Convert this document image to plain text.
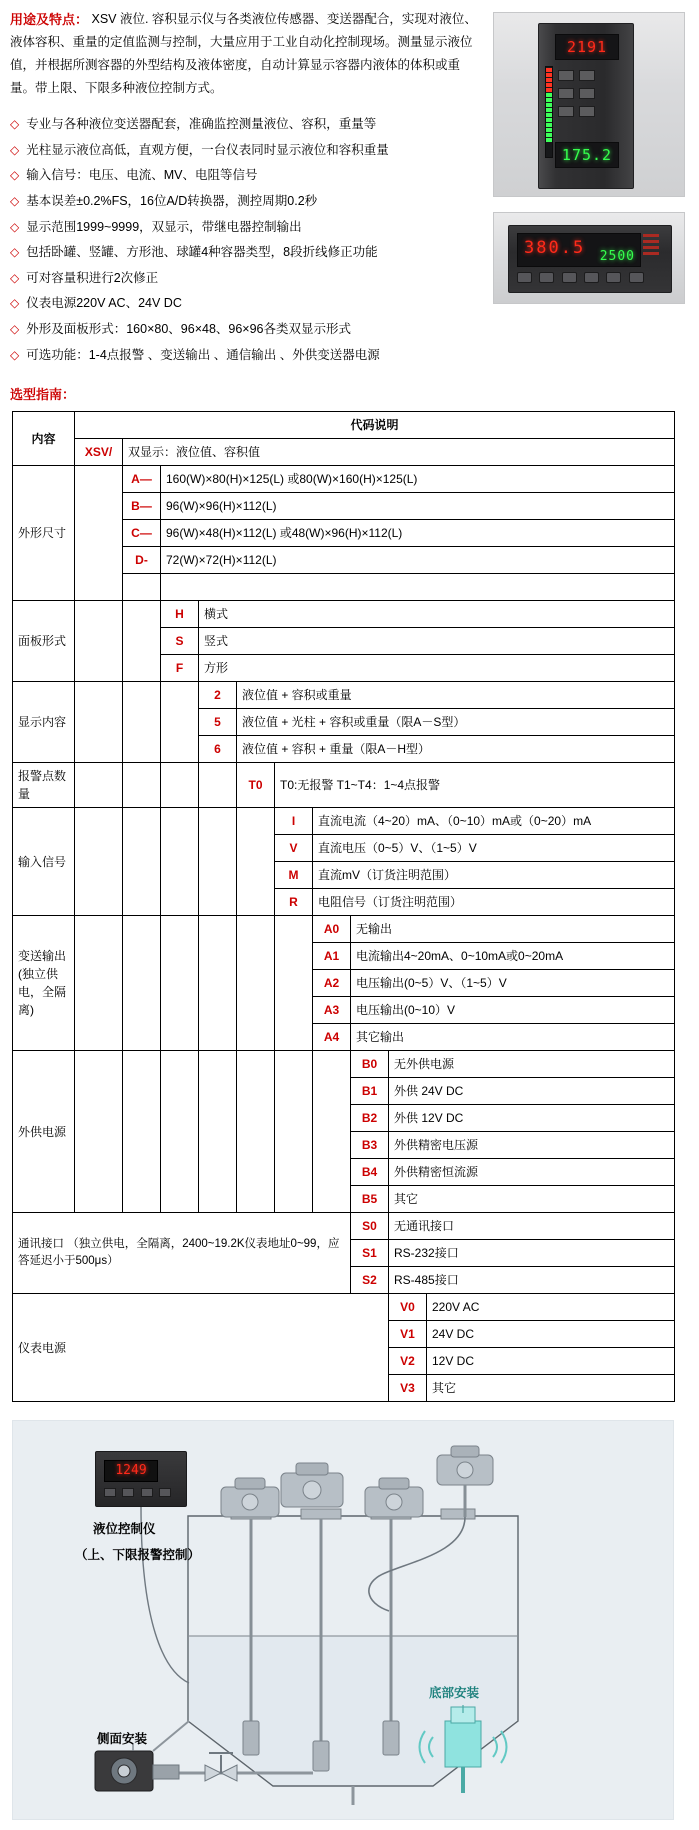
用途及特点： XSV 液位. 容积显示仪与各类液位传感器、变送器配合，实现对液位、液体容积、重量的定值监测与控制，大量应用于工业自动化控制现场。测量显示液位值，并根据所测容器的外型结构及液体密度，自动计算显示容器内液体的体积或重量。带上限、下限多种液位控制方式。
◇ 专业与各种液位变送器配套，准确监控测量液位、容积，重量等
◇ 光柱显示液位高低，直观方便，一台仪表同时显示液位和容积重量
◇ 输入信号：电压、电流、MV、电阻等信号
◇ 基本误差±0.2%FS，16位A/D转换器，测控周期0.2秒
◇ 显示范围1999~9999，双显示，带继电器控制输出
◇ 包括卧罐、竖罐、方形池、球罐4种容器类型，8段折线修正功能
◇ 可对容量积进行2次修正
◇ 仪表电源220V AC、24V DC
◇ 外形及面板形式：160×80、96×48、96×96各类双显示形式
◇ 可选功能：1-4点报警 、变送输出 、通信输出 、外供变送器电源
2191

175.2
380.5 2500

选型指南：
内容	代码说明									
	XSV/	双显示：液位值、容积值								
外形尺寸		A—	160(W)×80(H)×125(L) 或80(W)×160(H)×125(L)							
		B—	96(W)×96(H)×112(L)							
		C—	96(W)×48(H)×112(L) 或48(W)×96(H)×112(L)							
		D-	72(W)×72(H)×112(L)							

面板形式			H	横式						
			S	竖式						
			F	方形						
显示内容				2	液位值 + 容积或重量					
				5	液位值 + 光柱 + 容积或重量（限A－S型）					
				6	液位值 + 容积 + 重量（限A－H型）					
报警点数量					T0	T0:无报警 T1~T4：1~4点报警				
输入信号						I	直流电流（4~20）mA、（0~10）mA或（0~20）mA			
						V	直流电压（0~5）V、（1~5）V			
						M	直流mV（订货注明范围）			
						R	电阻信号（订货注明范围）			

变送输出 (独立供电，全隔离)							A0	无输出		
							A1	电流输出4~20mA、0~10mA或0~20mA		
							A2	电压输出(0~5）V、（1~5）V		
							A3	电压输出(0~10）V		
							A4	其它输出		
外供电源								B0	无外供电源	
								B1	外供 24V DC	
								B2	外供 12V DC	
								B3	外供精密电压源	
								B4	外供精密恒流源	
								B5	其它	
通讯接口 （独立供电，全隔离，2400~19.2K仪表地址0~99，应答延迟小于500μs）								S0	无通讯接口	
								S1	RS-232接口	
								S2	RS-485接口	
仪表电源									V0	220V AC
									V1	24V DC
									V2	12V DC
									V3	其它
1249

液位控制仪
（上、下限报警控制）
底部安装
侧面安装
